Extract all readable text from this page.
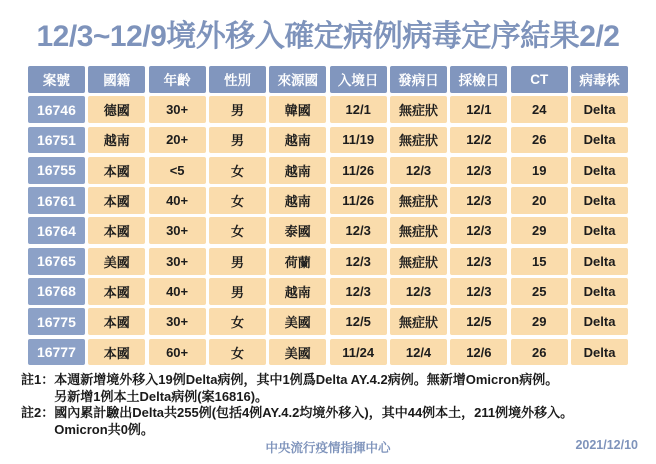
12/3~12/9境外移入確定病例病毒定序結果2/2
案號	國籍	年齡	性別	來源國	入境日	發病日	採檢日	CT	病毒株
16746	德國	30+	男	韓國	12/1	無症狀	12/1	24	Delta
16751	越南	20+	男	越南	11/19	無症狀	12/2	26	Delta
16755	本國	<5	女	越南	11/26	12/3	12/3	19	Delta
16761	本國	40+	女	越南	11/26	無症狀	12/3	20	Delta
16764	本國	30+	女	泰國	12/3	無症狀	12/3	29	Delta
16765	美國	30+	男	荷蘭	12/3	無症狀	12/3	15	Delta
16768	本國	40+	男	越南	12/3	12/3	12/3	25	Delta
16775	本國	30+	女	美國	12/5	無症狀	12/5	29	Delta
16777	本國	60+	女	美國	11/24	12/4	12/6	26	Delta
註1： 本週新增境外移入19例Delta病例，其中1例爲Delta AY.4.2病例。無新增Omicron病例。
另新增1例本土Delta病例(案16816)。
註2： 國內累計驗出Delta共255例(包括4例AY.4.2均境外移入)，其中44例本土，211例境外移入。
Omicron共0例。
中央流行疫情指揮中心	2021/12/10
